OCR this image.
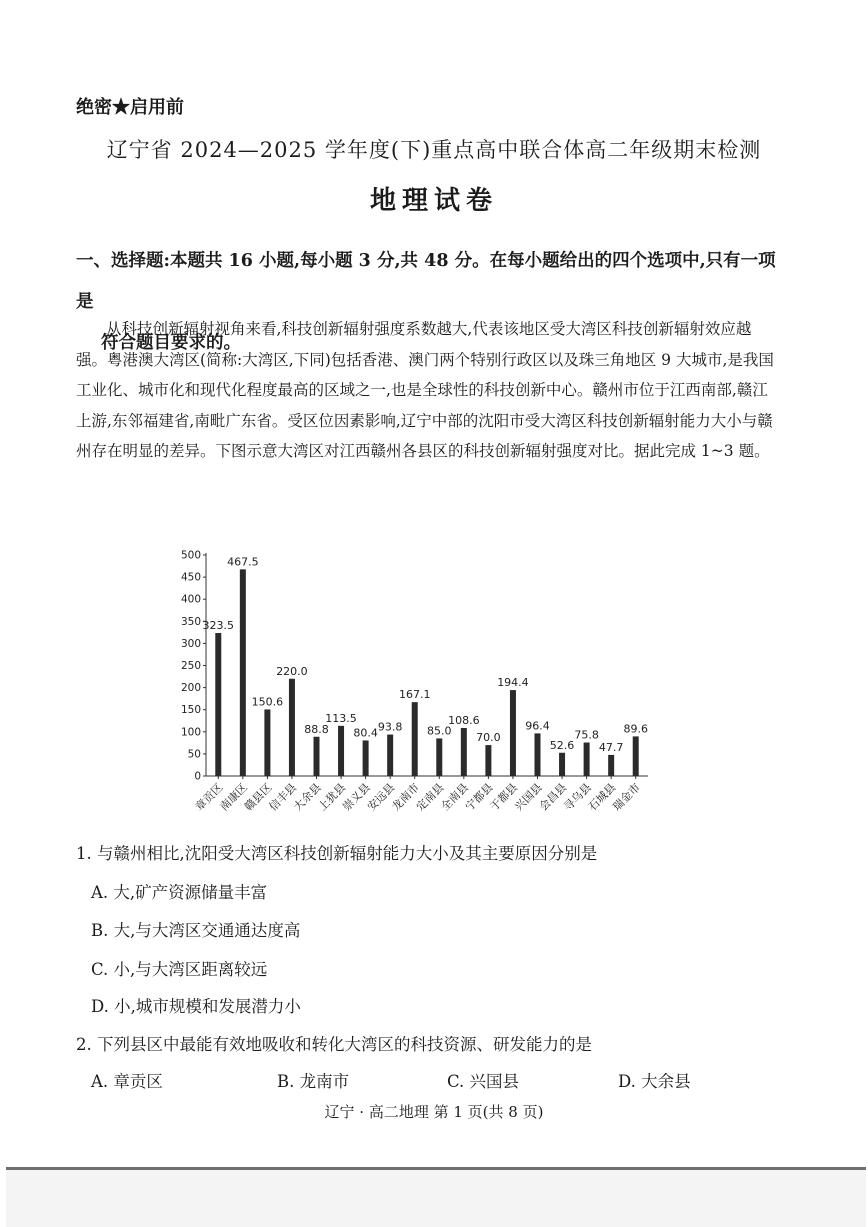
绝密★启用前
辽宁省 2024—2025 学年度(下)重点高中联合体高二年级期末检测
地理试卷
一、选择题:本题共 16 小题,每小题 3 分,共 48 分。在每小题给出的四个选项中,只有一项是
符合题目要求的。
从科技创新辐射视角来看,科技创新辐射强度系数越大,代表该地区受大湾区科技创新辐射效应越强。粤港澳大湾区(简称:大湾区,下同)包括香港、澳门两个特别行政区以及珠三角地区 9 大城市,是我国工业化、城市化和现代化程度最高的区域之一,也是全球性的科技创新中心。赣州市位于江西南部,赣江上游,东邻福建省,南毗广东省。受区位因素影响,辽宁中部的沈阳市受大湾区科技创新辐射能力大小与赣州存在明显的差异。下图示意大湾区对江西赣州各县区的科技创新辐射强度对比。据此完成 1~3 题。
0
50
100
150
200
250
300
350
400
450
500
323.5
467.5
150.6
220.0
88.8
113.5
80.4 93.8
167.1
85.0
108.6
70.0
194.4
96.4
52.6
75.8
47.7
89.6
章贡区
南康区
赣县区
信丰县
大余县
上犹县
崇义县
安远县
龙南市
定南县
全南县
宁都县
于都县
兴国县
会昌县
寻乌县
石城县
瑞金市
1. 与赣州相比,沈阳受大湾区科技创新辐射能力大小及其主要原因分别是
A. 大,矿产资源储量丰富
B. 大,与大湾区交通通达度高
C. 小,与大湾区距离较远
D. 小,城市规模和发展潜力小
2. 下列县区中最能有效地吸收和转化大湾区的科技资源、研发能力的是
A. 章贡区	B. 龙南市	C. 兴国县	D. 大余县
辽宁 · 高二地理 第 1 页(共 8 页)
